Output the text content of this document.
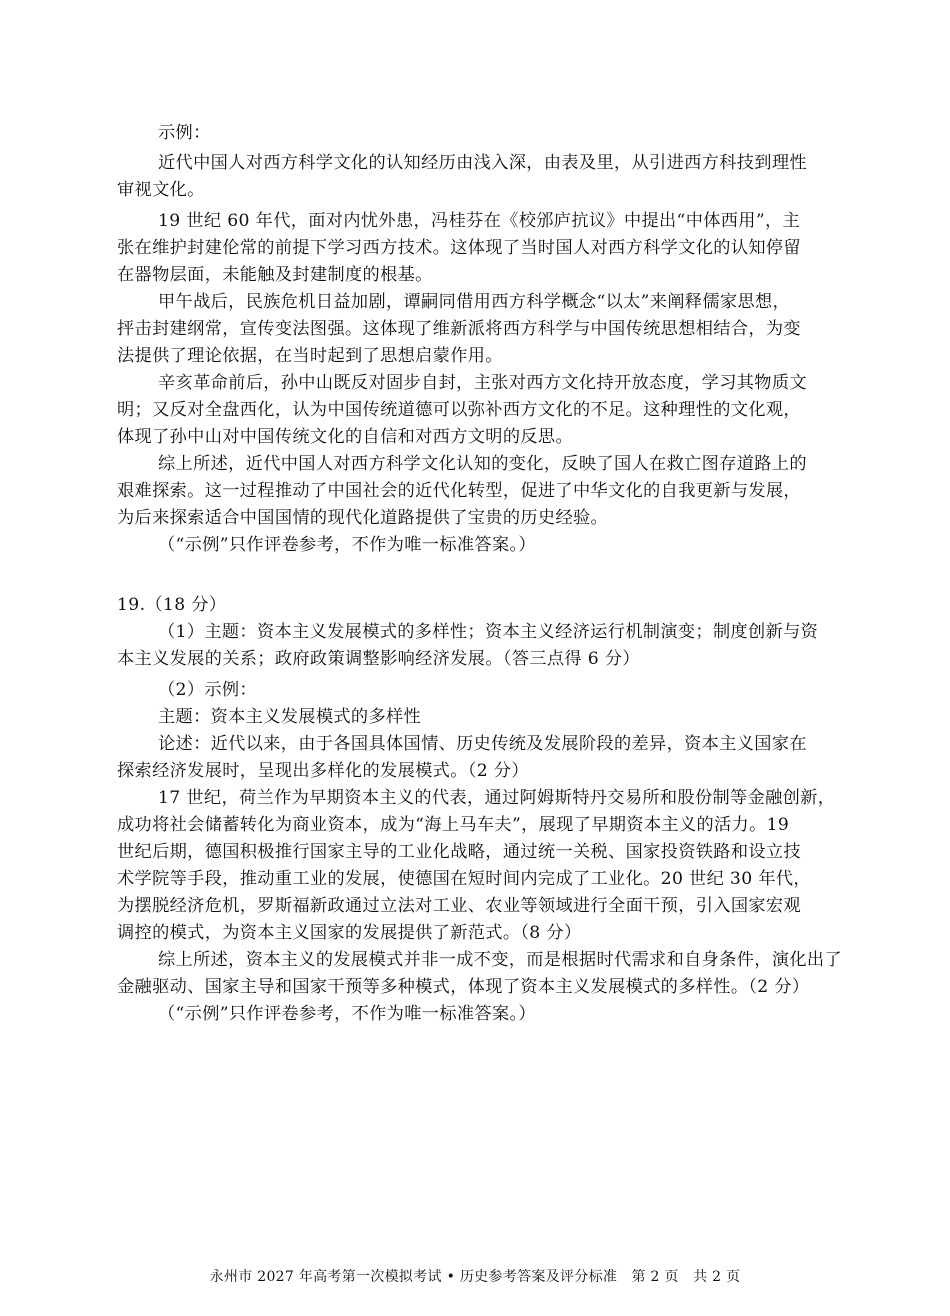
示例：
近代中国人对西方科学文化的认知经历由浅入深，由表及里，从引进西方科技到理性
审视文化。
19 世纪 60 年代，面对内忧外患，冯桂芬在《校邠庐抗议》中提出“中体西用”，主
张在维护封建伦常的前提下学习西方技术。这体现了当时国人对西方科学文化的认知停留
在器物层面，未能触及封建制度的根基。
甲午战后，民族危机日益加剧，谭嗣同借用西方科学概念“以太”来阐释儒家思想，
抨击封建纲常，宣传变法图强。这体现了维新派将西方科学与中国传统思想相结合，为变
法提供了理论依据，在当时起到了思想启蒙作用。
辛亥革命前后，孙中山既反对固步自封，主张对西方文化持开放态度，学习其物质文
明；又反对全盘西化，认为中国传统道德可以弥补西方文化的不足。这种理性的文化观，
体现了孙中山对中国传统文化的自信和对西方文明的反思。
综上所述，近代中国人对西方科学文化认知的变化，反映了国人在救亡图存道路上的
艰难探索。这一过程推动了中国社会的近代化转型，促进了中华文化的自我更新与发展，
为后来探索适合中国国情的现代化道路提供了宝贵的历史经验。
（“示例”只作评卷参考，不作为唯一标准答案。）
19.（18 分）
（1）主题：资本主义发展模式的多样性；资本主义经济运行机制演变；制度创新与资
本主义发展的关系；政府政策调整影响经济发展。（答三点得 6 分）
（2）示例：
主题：资本主义发展模式的多样性
论述：近代以来，由于各国具体国情、历史传统及发展阶段的差异，资本主义国家在
探索经济发展时，呈现出多样化的发展模式。（2 分）
17 世纪，荷兰作为早期资本主义的代表，通过阿姆斯特丹交易所和股份制等金融创新，
成功将社会储蓄转化为商业资本，成为“海上马车夫”，展现了早期资本主义的活力。19
世纪后期，德国积极推行国家主导的工业化战略，通过统一关税、国家投资铁路和设立技
术学院等手段，推动重工业的发展，使德国在短时间内完成了工业化。20 世纪 30 年代，
为摆脱经济危机，罗斯福新政通过立法对工业、农业等领域进行全面干预，引入国家宏观
调控的模式，为资本主义国家的发展提供了新范式。（8 分）
综上所述，资本主义的发展模式并非一成不变，而是根据时代需求和自身条件，演化出了
金融驱动、国家主导和国家干预等多种模式，体现了资本主义发展模式的多样性。（2 分）
（“示例”只作评卷参考，不作为唯一标准答案。）
永州市 2027 年高考第一次模拟考试 • 历史参考答案及评分标准　第 2 页　共 2 页
